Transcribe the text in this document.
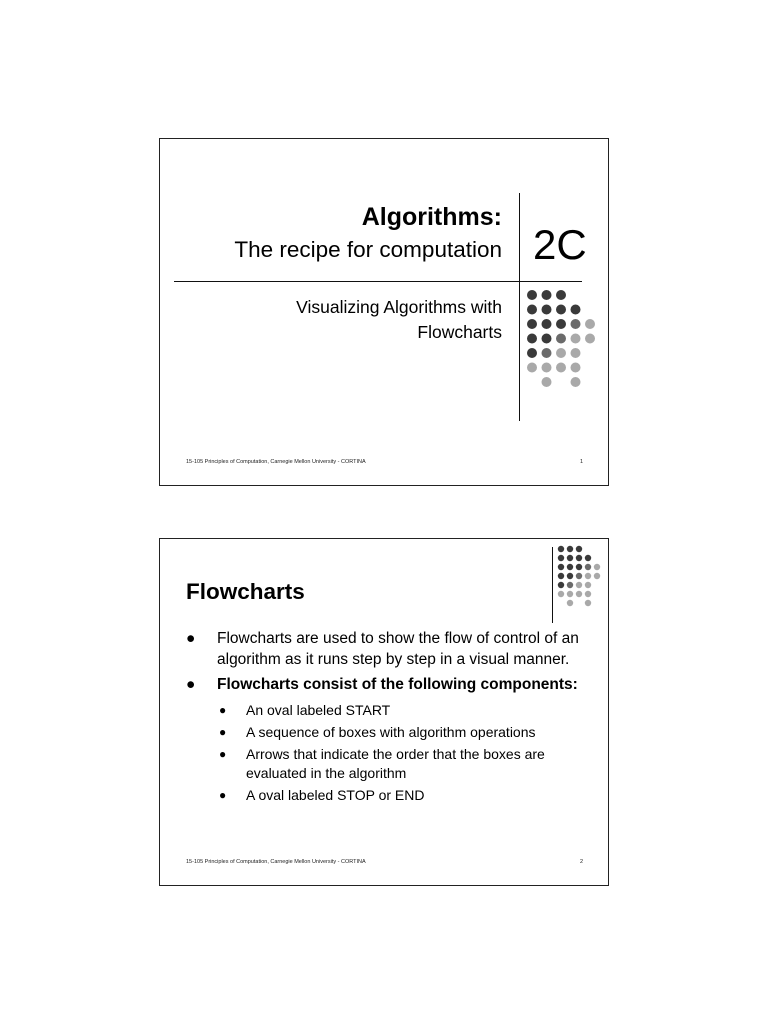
Algorithms:
The recipe for computation 2C
Visualizing Algorithms with Flowcharts
15-105 Principles of Computation, Carnegie Mellon University - CORTINA	1
Flowcharts
● Flowcharts are used to show the flow of control of an algorithm as it runs step by step in a visual manner.
● Flowcharts consist of the following components:
● An oval labeled START
● A sequence of boxes with algorithm operations
● Arrows that indicate the order that the boxes are evaluated in the algorithm
● A oval labeled STOP or END
15-105 Principles of Computation, Carnegie Mellon University - CORTINA	2
